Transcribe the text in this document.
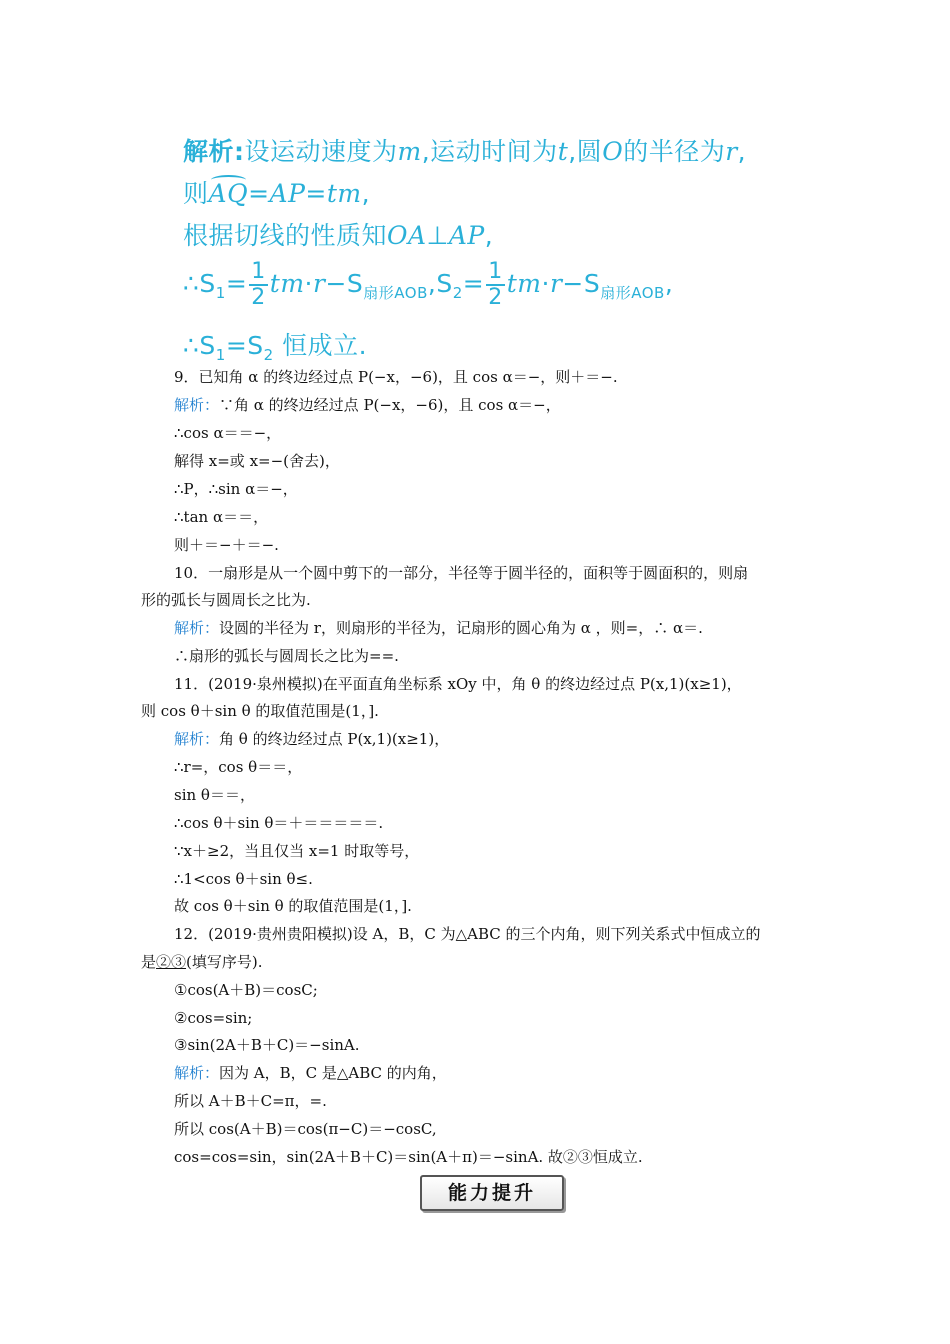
解析:设运动速度为m,运动时间为t,圆O的半径为r,
则AQ=AP=tm,
根据切线的性质知OA⊥AP,
$\therefore S_1= \frac{1}{2} tm\cdot r-S_{扇形AOB},S_2= \frac{1}{2} tm\cdot r-S_{扇形AOB}$,
$\therefore S_1=S_2$ 恒成立.
9．已知角 α 的终边经过点 P(−x，−6)，且 cos α＝−，则＋＝−.
解析：∵角 α 的终边经过点 P(−x，−6)，且 cos α＝−，
∴cos α＝＝−，
解得 x=或 x=−(舍去)，
∴P，∴sin α＝−，
∴tan α＝＝，
则＋＝−＋＝−.
10．一扇形是从一个圆中剪下的一部分，半径等于圆半径的，面积等于圆面积的，则扇
形的弧长与圆周长之比为.
解析：设圆的半径为 r，则扇形的半径为，记扇形的圆心角为 α ，则=，∴ α＝.
∴扇形的弧长与圆周长之比为==.
11．(2019·泉州模拟)在平面直角坐标系 xOy 中，角 θ 的终边经过点 P(x,1)(x≥1)，
则 cos θ＋sin θ 的取值范围是(1，].
解析：角 θ 的终边经过点 P(x,1)(x≥1)，
∴r=，cos θ＝＝，
sin θ＝＝，
∴cos θ＋sin θ＝＋＝＝＝＝＝.
∵x＋≥2，当且仅当 x=1 时取等号，
∴1<cos θ＋sin θ≤.
故 cos θ＋sin θ 的取值范围是(1，].
12．(2019·贵州贵阳模拟)设 A，B，C 为△ABC 的三个内角，则下列关系式中恒成立的
是②③(填写序号).
①cos(A＋B)＝cosC;
②cos=sin;
③sin(2A＋B＋C)＝−sinA.
解析：因为 A，B，C 是△ABC 的内角，
所以 A＋B＋C=π，=.
所以 cos(A＋B)＝cos(π−C)＝−cosC,
cos=cos=sin，sin(2A＋B＋C)＝sin(A＋π)＝−sinA. 故②③恒成立.
能力提升
